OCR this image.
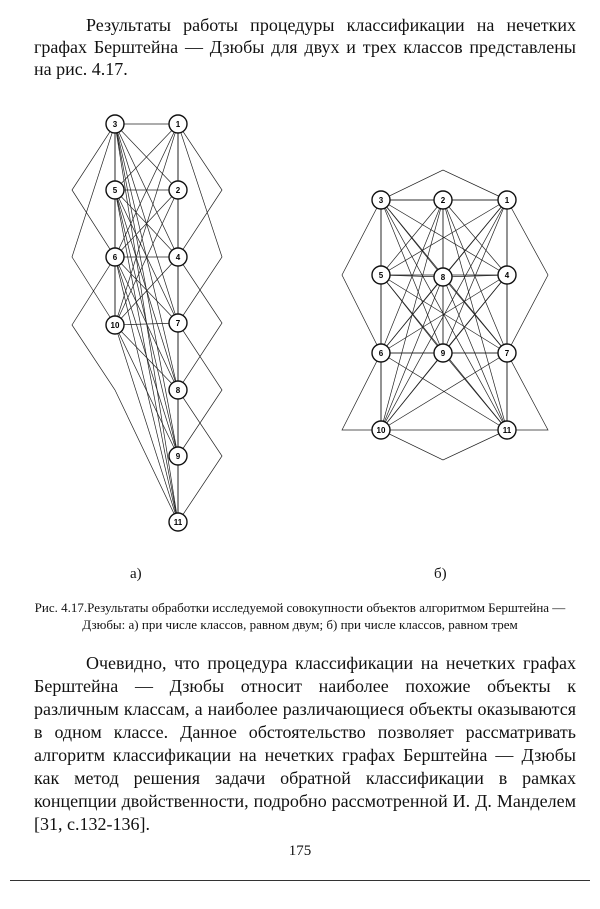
Результаты работы процедуры классификации на нечетких графах Берштейна — Дзюбы для двух и трех классов представлены на рис. 4.17.

3	1
5	2
6	4
10	7
8
9
11
3	2	1
5	8	4
6	9	7
10	11
а)	б)

Рис. 4.17.Результаты обработки исследуемой совокупности объектов алгоритмом Берштейна — Дзюбы: а) при числе классов, равном двум; б) при числе классов, равном трем

Очевидно, что процедура классификации на нечетких графах Берштейна — Дзюбы относит наиболее похожие объекты к различным классам, а наиболее различающиеся объекты оказываются в одном классе. Данное обстоятельство позволяет рассматривать алгоритм классификации на нечетких графах Берштейна — Дзюбы как метод решения задачи обратной классификации в рамках концепции двойственности, подробно рассмотренной И. Д. Манделем [31, с.132-136].

175
